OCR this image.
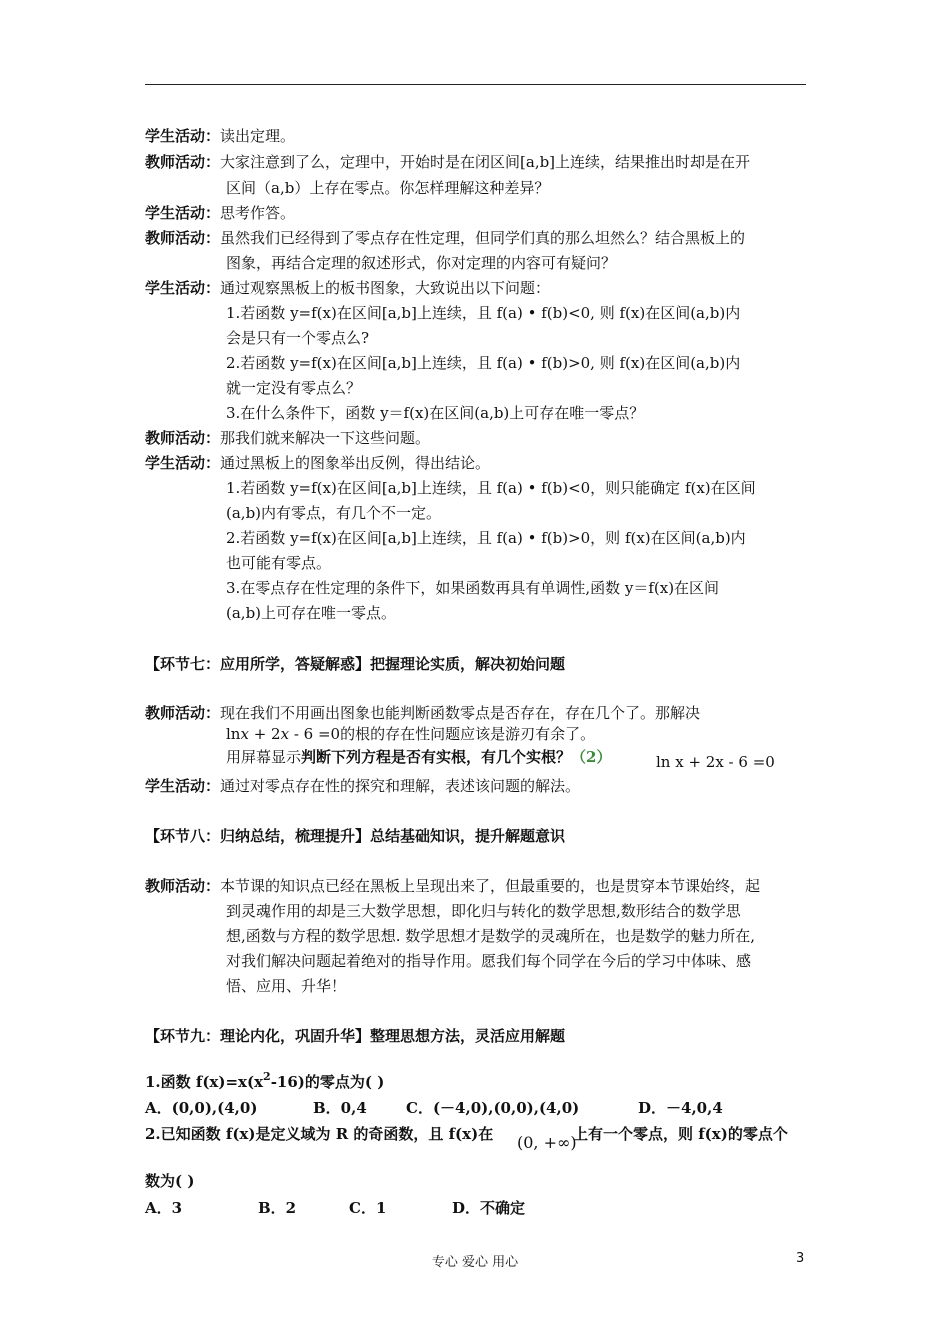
学生活动：读出定理。
教师活动：大家注意到了么，定理中，开始时是在闭区间[a,b]上连续，结果推出时却是在开
区间（a,b）上存在零点。你怎样理解这种差异？
学生活动：思考作答。
教师活动：虽然我们已经得到了零点存在性定理，但同学们真的那么坦然么？结合黑板上的
图象，再结合定理的叙述形式，你对定理的内容可有疑问？
学生活动：通过观察黑板上的板书图象，大致说出以下问题：
1.若函数 y=f(x)在区间[a,b]上连续，且 f(a) • f(b)<0, 则 f(x)在区间(a,b)内
会是只有一个零点么?
2.若函数 y=f(x)在区间[a,b]上连续，且 f(a) • f(b)>0, 则 f(x)在区间(a,b)内
就一定没有零点么？
3.在什么条件下，函数 y＝f(x)在区间(a,b)上可存在唯一零点？
教师活动：那我们就来解决一下这些问题。
学生活动：通过黑板上的图象举出反例，得出结论。
1.若函数 y=f(x)在区间[a,b]上连续，且 f(a) • f(b)<0，则只能确定 f(x)在区间
(a,b)内有零点，有几个不一定。
2.若函数 y=f(x)在区间[a,b]上连续，且 f(a) • f(b)>0，则 f(x)在区间(a,b)内
也可能有零点。
3.在零点存在性定理的条件下，如果函数再具有单调性,函数 y＝f(x)在区间
(a,b)上可存在唯一零点。
【环节七：应用所学，答疑解惑】把握理论实质，解决初始问题
教师活动：现在我们不用画出图象也能判断函数零点是否存在，存在几个了。那解决
lnx + 2x - 6 =0的根的存在性问题应该是游刃有余了。
用屏幕显示判断下列方程是否有实根，有几个实根？（2）	ln x + 2x - 6 =0
学生活动：通过对零点存在性的探究和理解，表述该问题的解法。
【环节八：归纳总结，梳理提升】总结基础知识，提升解题意识
教师活动：本节课的知识点已经在黑板上呈现出来了，但最重要的，也是贯穿本节课始终，起
到灵魂作用的却是三大数学思想，即化归与转化的数学思想,数形结合的数学思
想,函数与方程的数学思想. 数学思想才是数学的灵魂所在，也是数学的魅力所在,
对我们解决问题起着绝对的指导作用。愿我们每个同学在今后的学习中体味、感
悟、应用、升华！
【环节九：理论内化，巩固升华】整理思想方法，灵活应用解题
1.函数 $f(x)=x(x^2-16)$的零点为( )
A．(0,0),(4,0)	B．0,4	C．(－4,0),(0,0),(4,0)	D．－4,0,4
2.已知函数 f(x)是定义域为 R 的奇函数，且 f(x)在 (0, +∞)
上有一个零点，则 f(x)的零点个
数为( )
A．3	B．2	C．1	D．不确定
专心 爱心 用心	3
